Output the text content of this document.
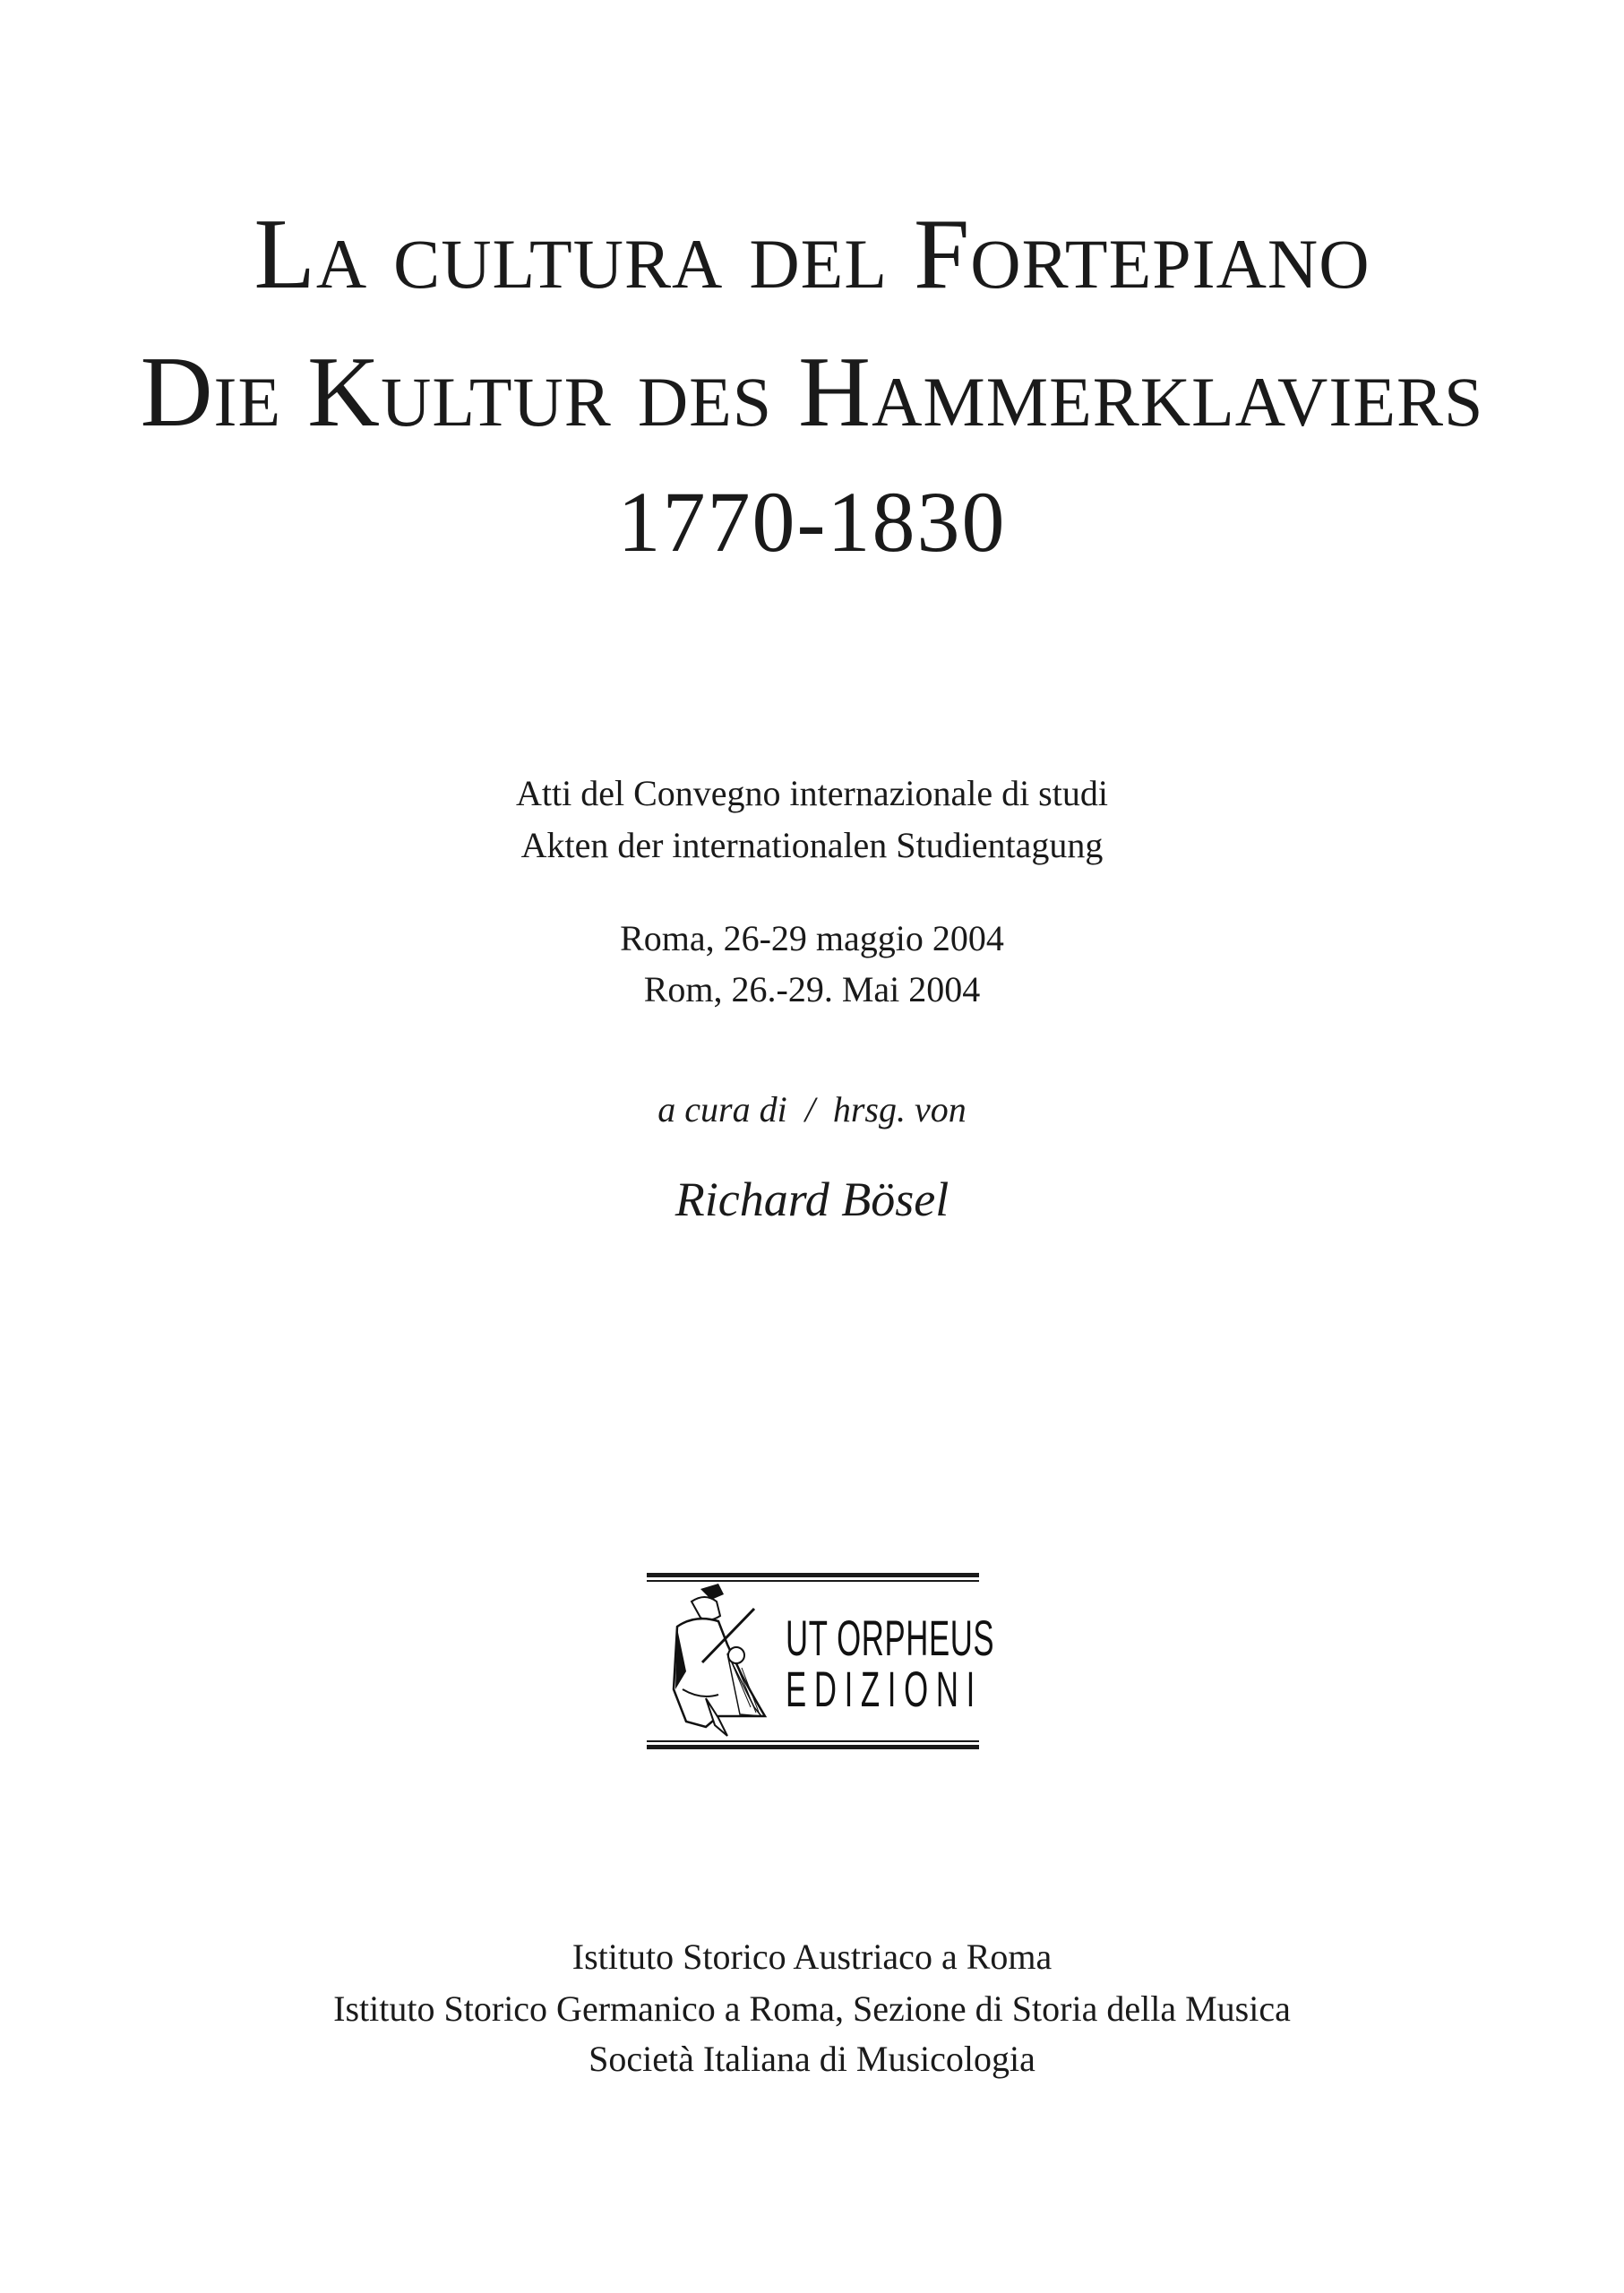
La cultura del Fortepiano
Die Kultur des Hammerklaviers
1770-1830
Atti del Convegno internazionale di studi
Akten der internationalen Studientagung
Roma, 26-29 maggio 2004
Rom, 26.-29. Mai 2004
a cura di  /  hrsg. von
Richard Bösel
UT ORPHEUS
EDIZIONI
Istituto Storico Austriaco a Roma
Istituto Storico Germanico a Roma, Sezione di Storia della Musica
Società Italiana di Musicologia
